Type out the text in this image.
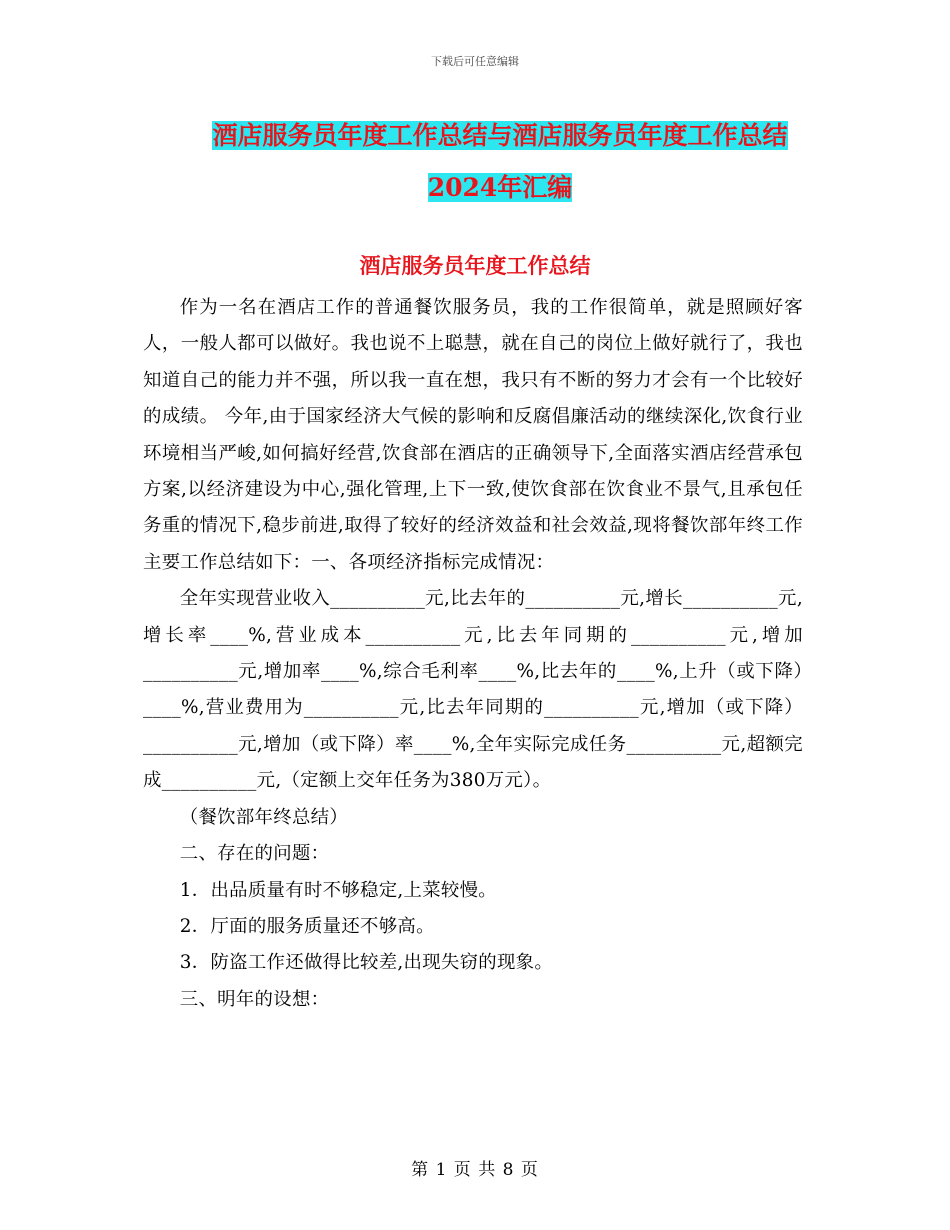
下载后可任意编辑
酒店服务员年度工作总结与酒店服务员年度工作总结
2024年汇编
酒店服务员年度工作总结

作为一名在酒店工作的普通餐饮服务员，我的工作很简单，就是照顾好客人，一般人都可以做好。我也说不上聪慧，就在自己的岗位上做好就行了，我也知道自己的能力并不强，所以我一直在想，我只有不断的努力才会有一个比较好的成绩。 今年,由于国家经济大气候的影响和反腐倡廉活动的继续深化,饮食行业环境相当严峻,如何搞好经营,饮食部在酒店的正确领导下,全面落实酒店经营承包方案,以经济建设为中心,强化管理,上下一致,使饮食部在饮食业不景气,且承包任务重的情况下,稳步前进,取得了较好的经济效益和社会效益,现将餐饮部年终工作主要工作总结如下：一、各项经济指标完成情况：

全年实现营业收入__________元,比去年的__________元,增长__________元,增长率____%,营业成本__________元,比去年同期的__________元,增加__________元,增加率____%,综合毛利率____%,比去年的____%,上升（或下降）____%,营业费用为__________元,比去年同期的__________元,增加（或下降）__________元,增加（或下降）率____%,全年实际完成任务__________元,超额完成__________元,（定额上交年任务为380万元）。

（餐饮部年终总结）

二、存在的问题：

1．出品质量有时不够稳定,上菜较慢。

2．厅面的服务质量还不够高。

3．防盗工作还做得比较差,出现失窃的现象。

三、明年的设想：

第 1 页 共 8 页
